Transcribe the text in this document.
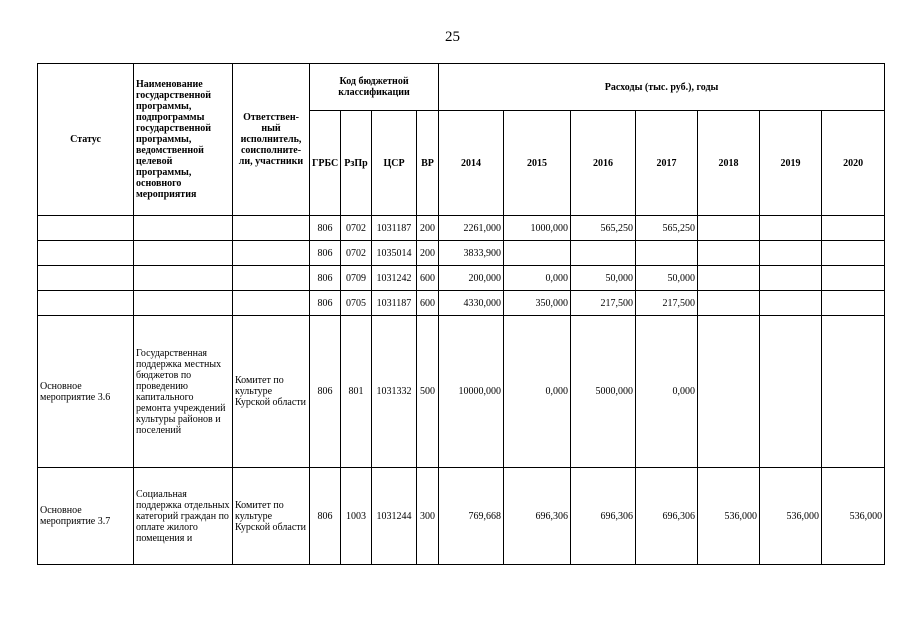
25
Статус	Наименование государственной программы, подпрограммы государственной программы, ведомственной целевой программы, основного мероприятия	Ответствен-ный исполнитель, соисполните-ли, участники	Код бюджетной классификации				Расходы (тыс. руб.), годы						
			ГРБС	РзПр	ЦСР	ВР	2014	2015	2016	2017	2018	2019	2020
			806	0702	1031187	200	2261,000	1000,000	565,250	565,250			
			806	0702	1035014	200	3833,900						
			806	0709	1031242	600	200,000	0,000	50,000	50,000			
			806	0705	1031187	600	4330,000	350,000	217,500	217,500			
Основное мероприятие 3.6	Государственная поддержка местных бюджетов по проведению капитального ремонта учреждений культуры районов и поселений	Комитет по культуре Курской области	806	801	1031332	500	10000,000	0,000	5000,000	0,000			
Основное мероприятие 3.7	Социальная поддержка отдельных категорий граждан по оплате жилого помещения и	Комитет по культуре Курской области	806	1003	1031244	300	769,668	696,306	696,306	696,306	536,000	536,000	536,000
